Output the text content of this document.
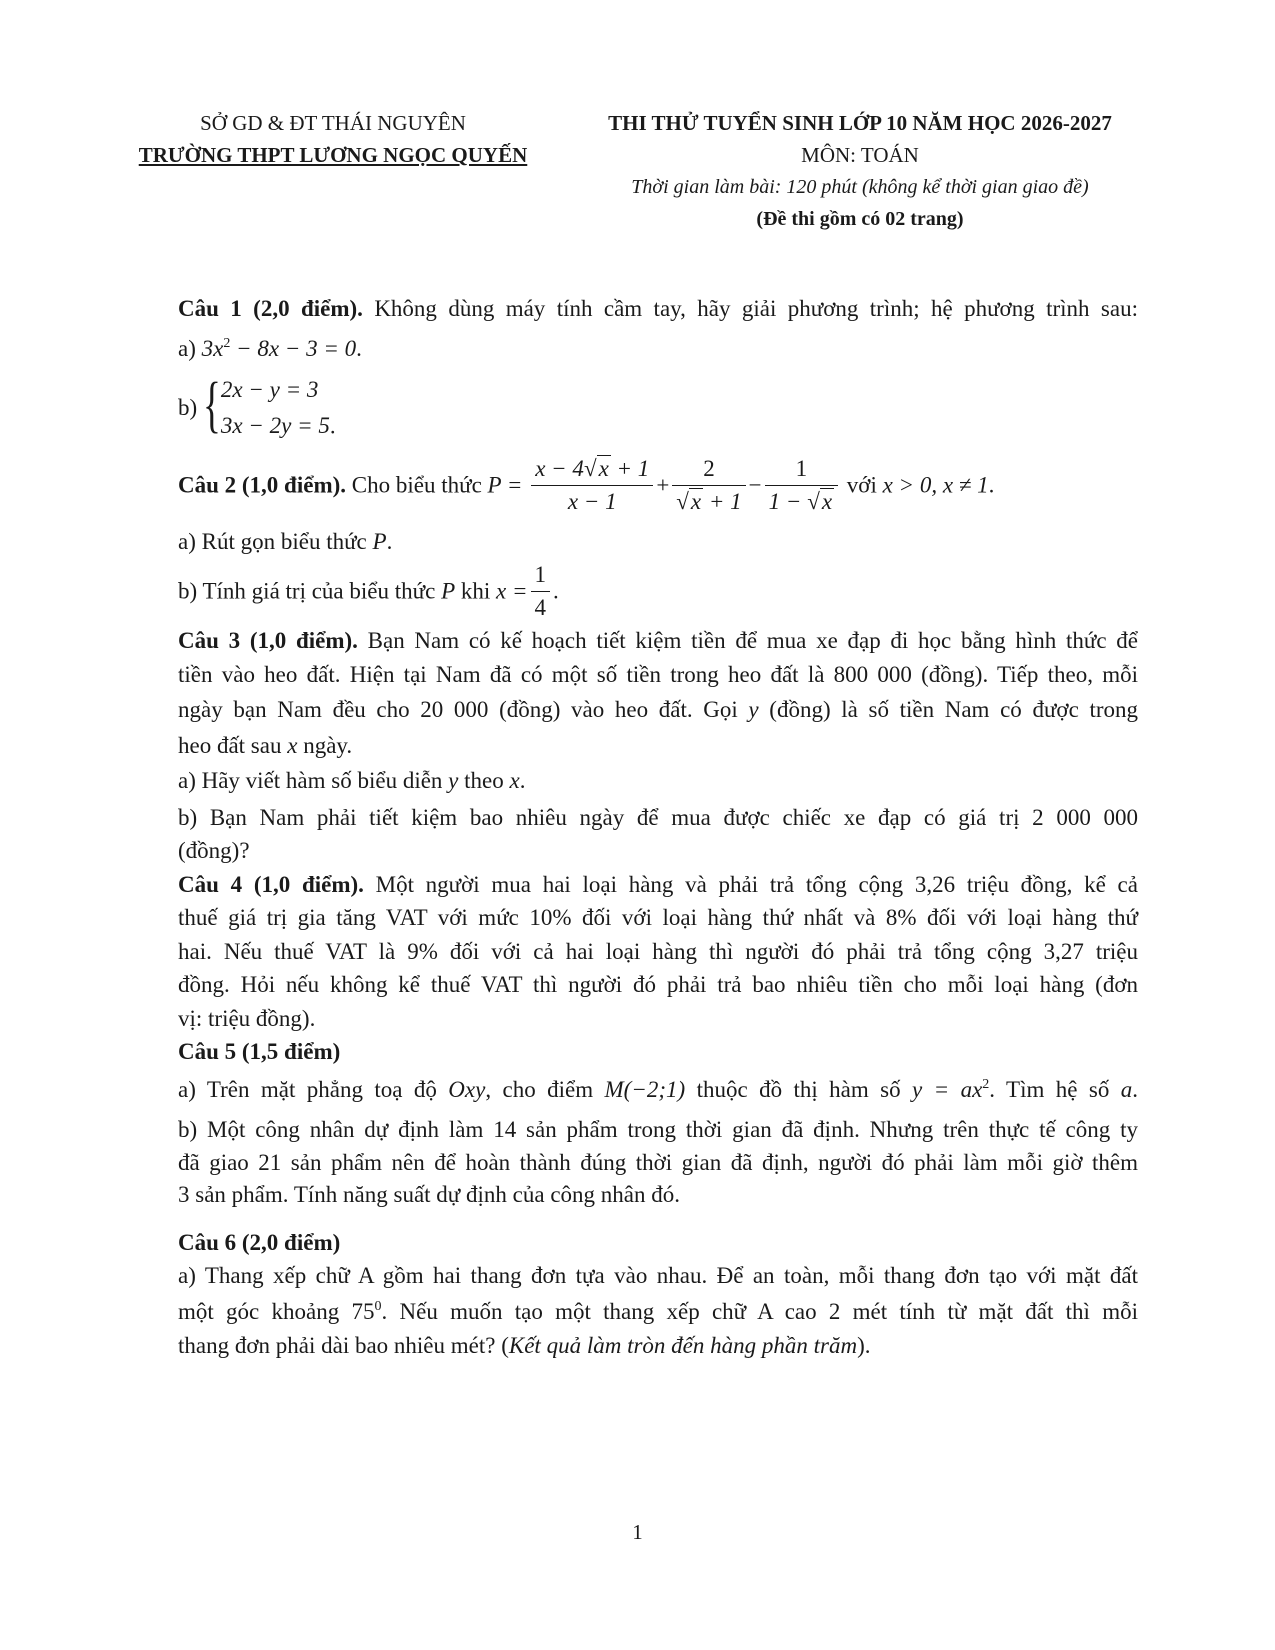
SỞ GD & ĐT THÁI NGUYÊN
TRƯỜNG THPT LƯƠNG NGỌC QUYẾN
THI THỬ TUYỂN SINH LỚP 10 NĂM HỌC 2026-2027
MÔN: TOÁN
Thời gian làm bài: 120 phút (không kể thời gian giao đề)
(Đề thi gồm có 02 trang)
Câu 1 (2,0 điểm). Không dùng máy tính cầm tay, hãy giải phương trình; hệ phương trình sau:
a) $3x^2 - 8x - 3 = 0$.
b) { 2x − y = 3
3x − 2y = 5 .
Câu 2 (1,0 điểm). Cho biểu thức $P = \frac{x - 4√x + 1}{x - 1} + \frac{2}{√x + 1} - \frac{1}{1 - √x}$ với x > 0, x ≠ 1.
a) Rút gọn biểu thức P.
b) Tính giá trị của biểu thức P khi $x = \frac{1}{4}$ .
Câu 3 (1,0 điểm). Bạn Nam có kế hoạch tiết kiệm tiền để mua xe đạp đi học bằng hình thức để
tiền vào heo đất. Hiện tại Nam đã có một số tiền trong heo đất là 800 000 (đồng). Tiếp theo, mỗi
ngày bạn Nam đều cho 20 000 (đồng) vào heo đất. Gọi y (đồng) là số tiền Nam có được trong
heo đất sau x ngày.
a) Hãy viết hàm số biểu diễn y theo x.
b) Bạn Nam phải tiết kiệm bao nhiêu ngày để mua được chiếc xe đạp có giá trị 2 000 000
(đồng)?
Câu 4 (1,0 điểm). Một người mua hai loại hàng và phải trả tổng cộng 3,26 triệu đồng, kể cả
thuế giá trị gia tăng VAT với mức 10% đối với loại hàng thứ nhất và 8% đối với loại hàng thứ
hai. Nếu thuế VAT là 9% đối với cả hai loại hàng thì người đó phải trả tổng cộng 3,27 triệu
đồng. Hỏi nếu không kể thuế VAT thì người đó phải trả bao nhiêu tiền cho mỗi loại hàng (đơn
vị: triệu đồng).
Câu 5 (1,5 điểm)
a) Trên mặt phẳng toạ độ Oxy, cho điểm M(−2;1) thuộc đồ thị hàm số $y = ax^2$. Tìm hệ số a.
b) Một công nhân dự định làm 14 sản phẩm trong thời gian đã định. Nhưng trên thực tế công ty
đã giao 21 sản phẩm nên để hoàn thành đúng thời gian đã định, người đó phải làm mỗi giờ thêm
3 sản phẩm. Tính năng suất dự định của công nhân đó.
Câu 6 (2,0 điểm)
a) Thang xếp chữ A gồm hai thang đơn tựa vào nhau. Để an toàn, mỗi thang đơn tạo với mặt đất
một góc khoảng $75^0$. Nếu muốn tạo một thang xếp chữ A cao 2 mét tính từ mặt đất thì mỗi
thang đơn phải dài bao nhiêu mét? (Kết quả làm tròn đến hàng phần trăm).
1
